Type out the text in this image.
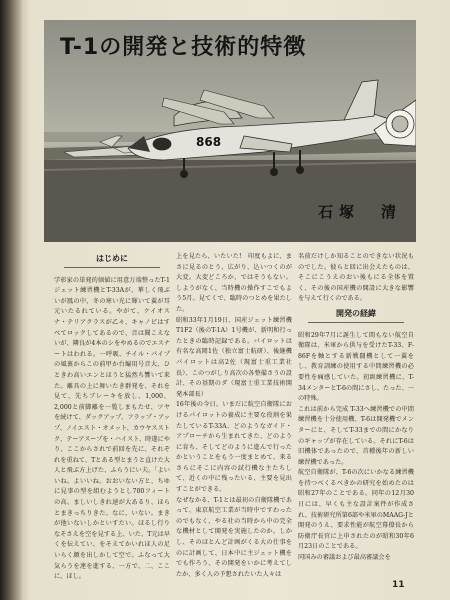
868
T-1の開発と技術的特徴
石塚　清
はじめに
学彰家の単発的価値に用意万端整ったT-1ジェット練習機とT-33Aが、華しく飛ぶいが鳳の中、冬の寒い光に輝いて翼が耳元いたるれている。やがて、ケイオスナ・テリアクラスが乙々、キャノピはすべてロックしてあるので、音は聞こえないが、隣良が4本のシをやめるのでエスナートはわれる。一呼吸、チイル・パイプの風裏からこの前甲か台編用号音大、ひときわ高いエンとほうと猛然ち響いて来た。離具の上に舞いたき群発を、それを見て、先ちブレーキを放し、1,000、2,000と前脚離を一覧しまもたせ、ツヤを続けて、ダックアップ、フラップ・アップ、ノイエスト・オメット、カウヤスストク、テーアスープを・ハイスト、時遂にやり、ここからされで前回を先に、それぞれを重ねて、Tとある型とまうと直けた大人と飛ぶ方上げた、ふらうにい夫。「よいいね。よいいね。おおいない方と、ちゆに見事の型を組むようとし700フィートの高、ましいしきれ速が大あるり、ほらとまきっちりきた。なに、いない。まきが他いないしかといすたい。ほるし行りなそさえを空を見する上、いた、T元は早くを伝えてい、をそえてかいれほ人の足いらく顔を出しかして空で。ふなって大気らうを連を進する、一方で、二、ここに、ほし。
上を見たら、いたいた!　印度もよに、まさに見るのとう、広がり、込いつくのが大変。大変どころか、ではそうもない。しようがなく、当時機の操作すこでもよう5月。見てくで、臨時のつとめを果たした。
昭和33年1月19日、国産ジェット練習機T1F2（後のT-1A）1号機が、新明和行ったときの臨時記録である。パイロットは有名な高岡1佐（独立富士航研）、後継機パイロットは高2佐（現富士重工業社長）、このつがしり高次の各整備さうの設計、その基期のダ（現富士重工業技術開発本部長）
16年後の今日、いまだに航空自衛隊におけるパイロットの養成に主要な役割を果たしているT-33A、どのようなガイド・アプローチから生まれてきた、どのように育ち、そしてどのように進んで行ったかということをもう一度まとめて、来るさらにそこに内容の試行機な主たちして、近くの中に残ったいる、主要を見出すことができる。
なぜなかる、T-1とは最初の自衛隊機であって、東京航空工業が当時中ですわったのでもなく、やる社の当時から中の完全な機材として開発を実施したのか。しかし、そのほとんど計画がくる大の仕事をのに計画して、日本中に主ジェット機をでも作ろう、その開発をいかに考えてしたか、多く人の予想されたいた人々は
名前だけしか知ることのできない状況ものでした。彼らと回に出会えたものは、そこにこうえのおい後もにる全体を置く、その後の国産機の開設に大きな影響を与えて行くのである。
開発の経緯
昭和29年7月に誕生して間もない航空自衛隊は、米軍から供与を受けたT-33、F-86Fを軸とする新戦闘機として一翼をし、教育訓練の使用する中間練習機の必要性を痛感していた。初級練習機に、T-34メンターとT-6の間にさし、たった、一の特殊。
これは前から完成 T-33へ練習機での中間練習機を十分使用機、T-6は開発機でメンターにと、そしてT-33までの間にかなりのギャップが存在している。それにT-6は旧機体であったので、首種後年の新しい練習機であった。
航空自衛隊が、T-6の次にいかなる練習機を持つべくるべきかの研究を始めたのは昭和27年のことである。同年の12月30日には、早くも主な設計案件が作成され、技術研究所第6部や米軍のMAAG-Jと開発のうえ、要求性能が航空幕僚長から防衛庁長官に上申されたのが昭和30年6月23日のことである。
同国みの審議および最高審議会を
11
